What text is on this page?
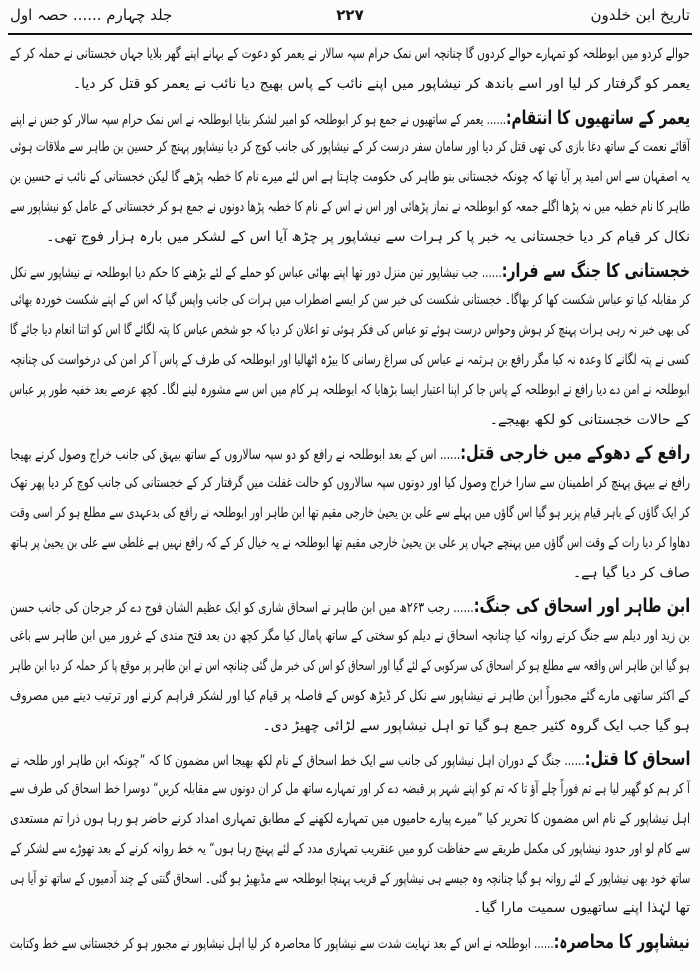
تاریخ ابن خلدون
۲۲۷
جلد چہارم ...... حصہ اول
حوالے کردو میں ابوطلحہ کو تمہارے حوالے کردوں گا چنانچہ اس نمک حرام سپہ سالار نے یعمر کو دعوت کے بہانے اپنے گھر بلایا جہاں خجستانی نے حملہ کر کے
یعمر کو گرفتار کر لیا اور اسے باندھ کر نیشاپور میں اپنے نائب کے پاس بھیج دیا نائب نے یعمر کو قتل کر دیا۔
یعمر کے ساتھیوں کا انتقام:...... یعمر کے ساتھیوں نے جمع ہو کر ابوطلحہ کو امیر لشکر بنایا ابوطلحہ نے اس نمک حرام سپہ سالار کو جس نے اپنے
آقائے نعمت کے ساتھ دغا بازی کی تھی قتل کر دیا اور سامان سفر درست کر کے نیشاپور کی جانب کوچ کر دیا نیشاپور پہنچ کر حسین بن طاہر سے ملاقات ہوئی
یہ اصفہان سے اس امید پر آیا تھا کہ چونکہ خجستانی بنو طاہر کی حکومت چاہتا ہے اس لئے میرے نام کا خطبہ پڑھے گا لیکن خجستانی کے نائب نے حسین بن
طاہر کا نام خطبہ میں نہ پڑھا اگلے جمعہ کو ابوطلحہ نے نماز پڑھائی اور اس نے اس کے نام کا خطبہ پڑھا دونوں نے جمع ہو کر خجستانی کے عامل کو نیشاپور سے
نکال کر قیام کر دیا خجستانی یہ خبر پا کر ہرات سے نیشاپور پر چڑھ آیا اس کے لشکر میں بارہ ہزار فوج تھی۔
خجستانی کا جنگ سے فرار:...... جب نیشاپور تین منزل دور تھا اپنے بھائی عباس کو حملے کے لئے بڑھنے کا حکم دیا ابوطلحہ نے نیشاپور سے نکل
کر مقابلہ کیا تو عباس شکست کھا کر بھاگا۔ خجستانی شکست کی خبر سن کر ایسے اضطراب میں ہرات کی جانب واپس گیا کہ اس کے اپنے شکست خوردہ بھائی
کی بھی خبر نہ رہی ہرات پہنچ کر ہوش وحواس درست ہوئے تو عباس کی فکر ہوئی تو اعلان کر دیا کہ جو شخص عباس کا پتہ لگائے گا اس کو اتنا انعام دیا جائے گا
کسی نے پتہ لگانے کا وعدہ نہ کیا مگر رافع بن ہرثمہ نے عباس کی سراغ رسانی کا بیڑہ اٹھالیا اور ابوطلحہ کی طرف کے پاس آ کر امن کی درخواست کی چنانچہ
ابوطلحہ نے امن دے دیا رافع نے ابوطلحہ کے پاس جا کر اپنا اعتبار ایسا بڑھایا کہ ابوطلحہ ہر کام میں اس سے مشورہ لینے لگا۔ کچھ عرصے بعد خفیہ طور پر عباس
کے حالات خجستانی کو لکھ بھیجے۔
رافع کے دھوکے میں خارجی قتل:...... اس کے بعد ابوطلحہ نے رافع کو دو سپہ سالاروں کے ساتھ بیہق کی جانب خراج وصول کرنے بھیجا
رافع نے بیہق پہنچ کر اطمینان سے سارا خراج وصول کیا اور دونوں سپہ سالاروں کو حالت غفلت میں گرفتار کر کے خجستانی کی جانب کوچ کر دیا پھر تھک
کر ایک گاؤں کے باہر قیام پزیر ہو گیا اس گاؤں میں پہلے سے علی بن یحییٰ خارجی مقیم تھا ابن طاہر اور ابوطلحہ نے رافع کی بدعہدی سے مطلع ہو کر اسی وقت
دھاوا کر دیا رات کے وقت اس گاؤں میں پہنچے جہاں پر علی بن یحییٰ خارجی مقیم تھا ابوطلحہ نے یہ خیال کر کے کہ رافع نہیں ہے غلطی سے علی بن یحییٰ پر ہاتھ
صاف کر دیا گیا ہے۔
ابن طاہر اور اسحاق کی جنگ:...... رجب ۲۶۳ھ میں ابن طاہر نے اسحاق شاری کو ایک عظیم الشان فوج دے کر جرجان کی جانب حسن
بن زید اور دیلم سے جنگ کرنے روانہ کیا چنانچہ اسحاق نے دیلم کو سختی کے ساتھ پامال کیا مگر کچھ دن بعد فتح مندی کے غرور میں ابن طاہر سے باغی
ہو گیا ابن طاہر اس واقعہ سے مطلع ہو کر اسحاق کی سرکوبی کے لئے گیا اور اسحاق کو اس کی خبر مل گئی چنانچہ اس نے ابن طاہر پر موقع پا کر حملہ کر دیا ابن طاہر
کے اکثر ساتھی مارے گئے مجبوراً ابن طاہر نے نیشاپور سے نکل کر ڈیڑھ کوس کے فاصلہ پر قیام کیا اور لشکر فراہم کرنے اور ترتیب دینے میں مصروف
ہو گیا جب ایک گروہ کثیر جمع ہو گیا تو اہل نیشاپور سے لڑائی چھیڑ دی۔
اسحاق کا قتل:...... جنگ کے دوران اہل نیشاپور کی جانب سے ایک خط اسحاق کے نام لکھ بھیجا اس مضمون کا کہ ”چونکہ ابن طاہر اور طلحہ نے
آ کر ہم کو گھیر لیا ہے تم فوراً چلے آؤ تا کہ تم کو اپنے شہر پر قبضہ دے کر اور تمہارے ساتھ مل کر ان دونوں سے مقابلہ کریں“ دوسرا خط اسحاق کی طرف سے
اہل نیشاپور کے نام اس مضمون کا تحریر کیا ”میرے پیارے حامیوں میں تمہارے لکھنے کے مطابق تمہاری امداد کرنے حاضر ہو رہا ہوں ذرا تم مستعدی
سے کام لو اور حدود نیشاپور کی مکمل طریقے سے حفاظت کرو میں عنقریب تمہاری مدد کے لئے پہنچ رہا ہوں“ یہ خط روانہ کرنے کے بعد تھوڑے سے لشکر کے
ساتھ خود بھی نیشاپور کے لئے روانہ ہو گیا چنانچہ وہ جیسے ہی نیشاپور کے قریب پہنچا ابوطلحہ سے مڈبھیڑ ہو گئی۔ اسحاق گنتی کے چند آدمیوں کے ساتھ تو آیا ہی
تھا لہٰذا اپنے ساتھیوں سمیت مارا گیا۔
نیشاپور کا محاصرہ:...... ابوطلحہ نے اس کے بعد نہایت شدت سے نیشاپور کا محاصرہ کر لیا اہل نیشاپور نے مجبور ہو کر خجستانی سے خط وکتابت
